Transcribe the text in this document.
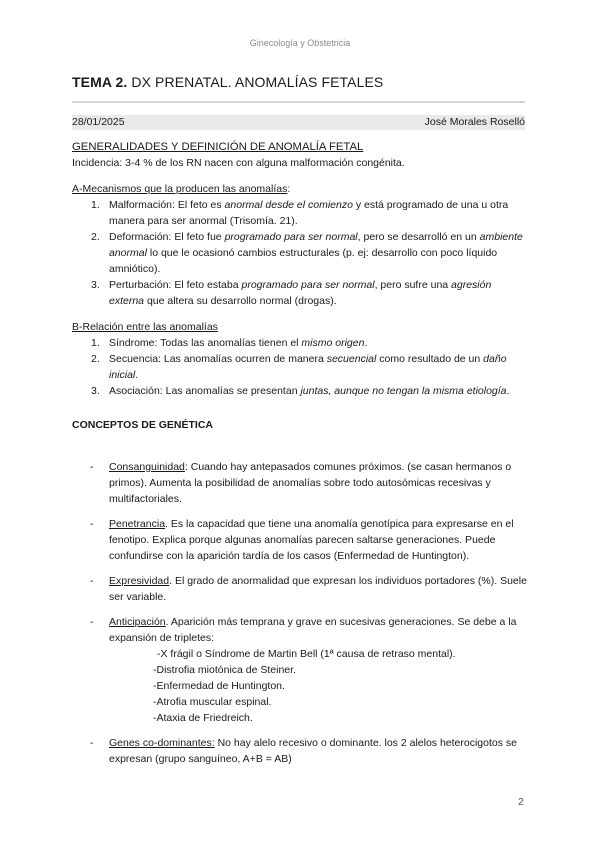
Ginecología y Obstetricia
TEMA 2. DX PRENATAL. ANOMALÍAS FETALES
28/01/2025	José Morales Roselló

GENERALIDADES Y DEFINICIÓN DE ANOMALÍA FETAL

Incidencia: 3-4 % de los RN nacen con alguna malformación congénita.

A-Mecanismos que la producen las anomalías:

1. Malformación: El feto es anormal desde el comienzo y está programado de una u otra manera para ser anormal (Trisomía. 21).
2. Deformación: El feto fue programado para ser normal, pero se desarrolló en un ambiente anormal lo que le ocasionó cambios estructurales (p. ej: desarrollo con poco líquido amniótico).
3. Perturbación: El feto estaba programado para ser normal, pero sufre una agresión externa que altera su desarrollo normal (drogas).

B-Relación entre las anomalías

1. Síndrome: Todas las anomalías tienen el mismo origen.
2. Secuencia: Las anomalías ocurren de manera secuencial como resultado de un daño inicial.
3. Asociación: Las anomalías se presentan juntas, aunque no tengan la misma etiología.

CONCEPTOS DE GENÉTICA

- Consanguinidad: Cuando hay antepasados comunes próximos. (se casan hermanos o primos). Aumenta la posibilidad de anomalías sobre todo autosómicas recesivas y multifactoriales.
- Penetrancia. Es la capacidad que tiene una anomalía genotípica para expresarse en el fenotipo. Explica porque algunas anomalías parecen saltarse generaciones. Puede confundirse con la aparición tardía de los casos (Enfermedad de Huntington).
- Expresividad. El grado de anormalidad que expresan los individuos portadores (%). Suele ser variable.
- Anticipación. Aparición más temprana y grave en sucesivas generaciones. Se debe a la expansión de tripletes:
-X frágil o Síndrome de Martin Bell (1ª causa de retraso mental).
-Distrofia miotónica de Steiner.
-Enfermedad de Huntington.
-Atrofia muscular espinal.
-Ataxia de Friedreich.
- Genes co-dominantes: No hay alelo recesivo o dominante. los 2 alelos heterocigotos se expresan (grupo sanguíneo, A+B = AB)
2
